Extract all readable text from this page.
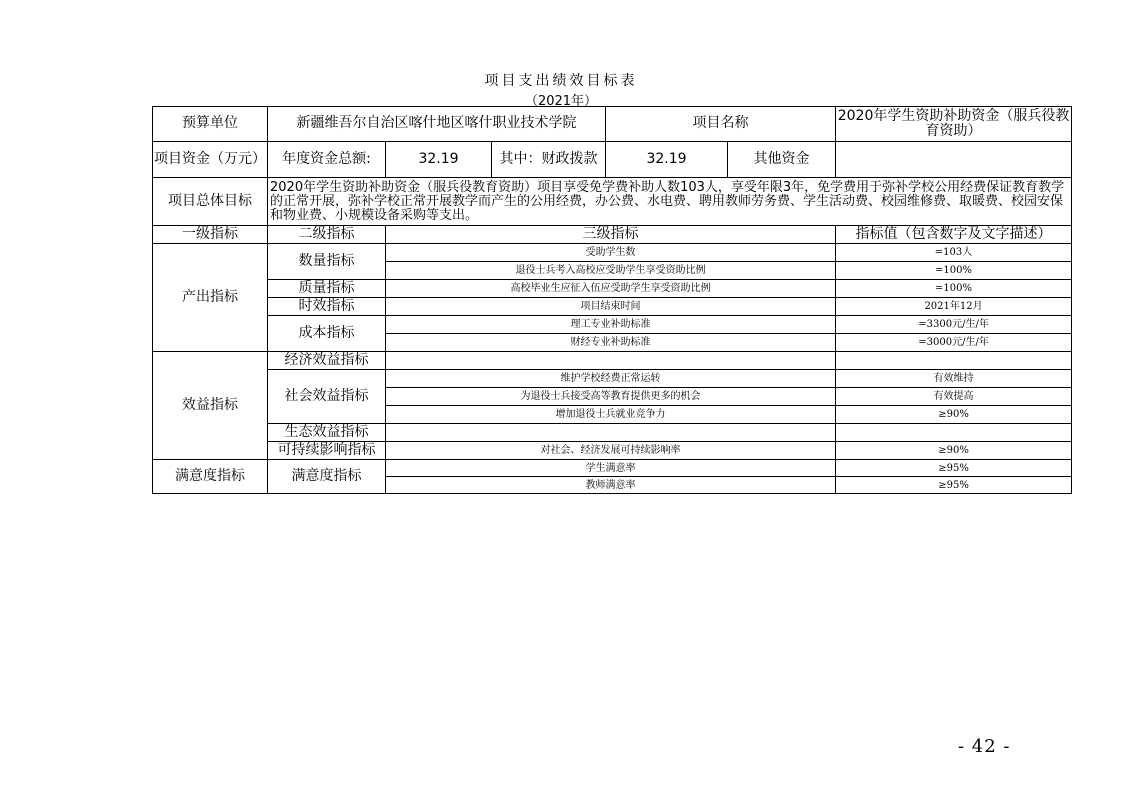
项目支出绩效目标表
（2021年）
预算单位	新疆维吾尔自治区喀什地区喀什职业技术学院			项目名称		2020年学生资助补助资金（服兵役教育资助）
项目资金（万元）	年度资金总额:	32.19	其中：财政拨款	32.19	其他资金	
项目总体目标	2020年学生资助补助资金（服兵役教育资助）项目享受免学费补助人数103人，享受年限3年，免学费用于弥补学校公用经费保证教育教学的正常开展，弥补学校正常开展教学而产生的公用经费，办公费、水电费、聘用教师劳务费、学生活动费、校园维修费、取暖费、校园安保和物业费、小规模设备采购等支出。					
一级指标	二级指标	三级指标				指标值（包含数字及文字描述）
产出指标	数量指标	受助学生数				=103人
		退役士兵考入高校应受助学生享受资助比例				=100%
	质量指标	高校毕业生应征入伍应受助学生享受资助比例				=100%
	时效指标	项目结束时间				2021年12月
	成本指标	理工专业补助标准				=3300元/生/年
		财经专业补助标准				=3000元/生/年
效益指标	经济效益指标					
	社会效益指标	维护学校经费正常运转				有效维持
		为退役士兵接受高等教育提供更多的机会				有效提高
		增加退役士兵就业竞争力				≥90%
	生态效益指标					
	可持续影响指标	对社会、经济发展可持续影响率				≥90%
满意度指标	满意度指标	学生满意率				≥95%
		教师满意率				≥95%
- 42 -
